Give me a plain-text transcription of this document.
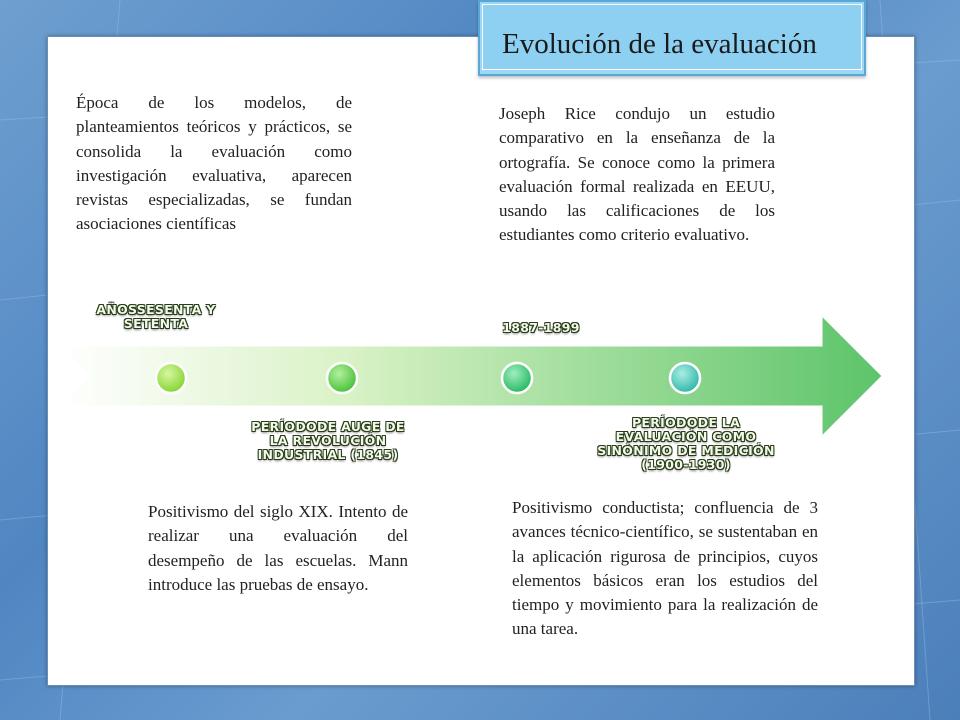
Evolución de la evaluación
Época de los modelos, de planteamientos teóricos y prácticos, se consolida la evaluación como investigación evaluativa, aparecen revistas especializadas, se fundan asociaciones científicas
Joseph Rice condujo un estudio comparativo en la enseñanza de la ortografía. Se conoce como la primera evaluación formal realizada en EEUU, usando las calificaciones de los estudiantes como criterio evaluativo.
Positivismo del siglo XIX. Intento de realizar una evaluación del desempeño de las escuelas. Mann introduce las pruebas de ensayo.
Positivismo conductista; confluencia de 3 avances técnico-científico, se sustentaban en la aplicación rigurosa de principios, cuyos elementos básicos eran los estudios del tiempo y movimiento para la realización de una tarea.
AÑOSSESENTA Y SETENTA	1887-1899
PERÍODODE AUGE DE LA REVOLUCIÓN INDUSTRIAL (1845)
PERÍODODE LA EVALUACIÓN COMO SINÓNIMO DE MEDICIÓN (1900-1930)
